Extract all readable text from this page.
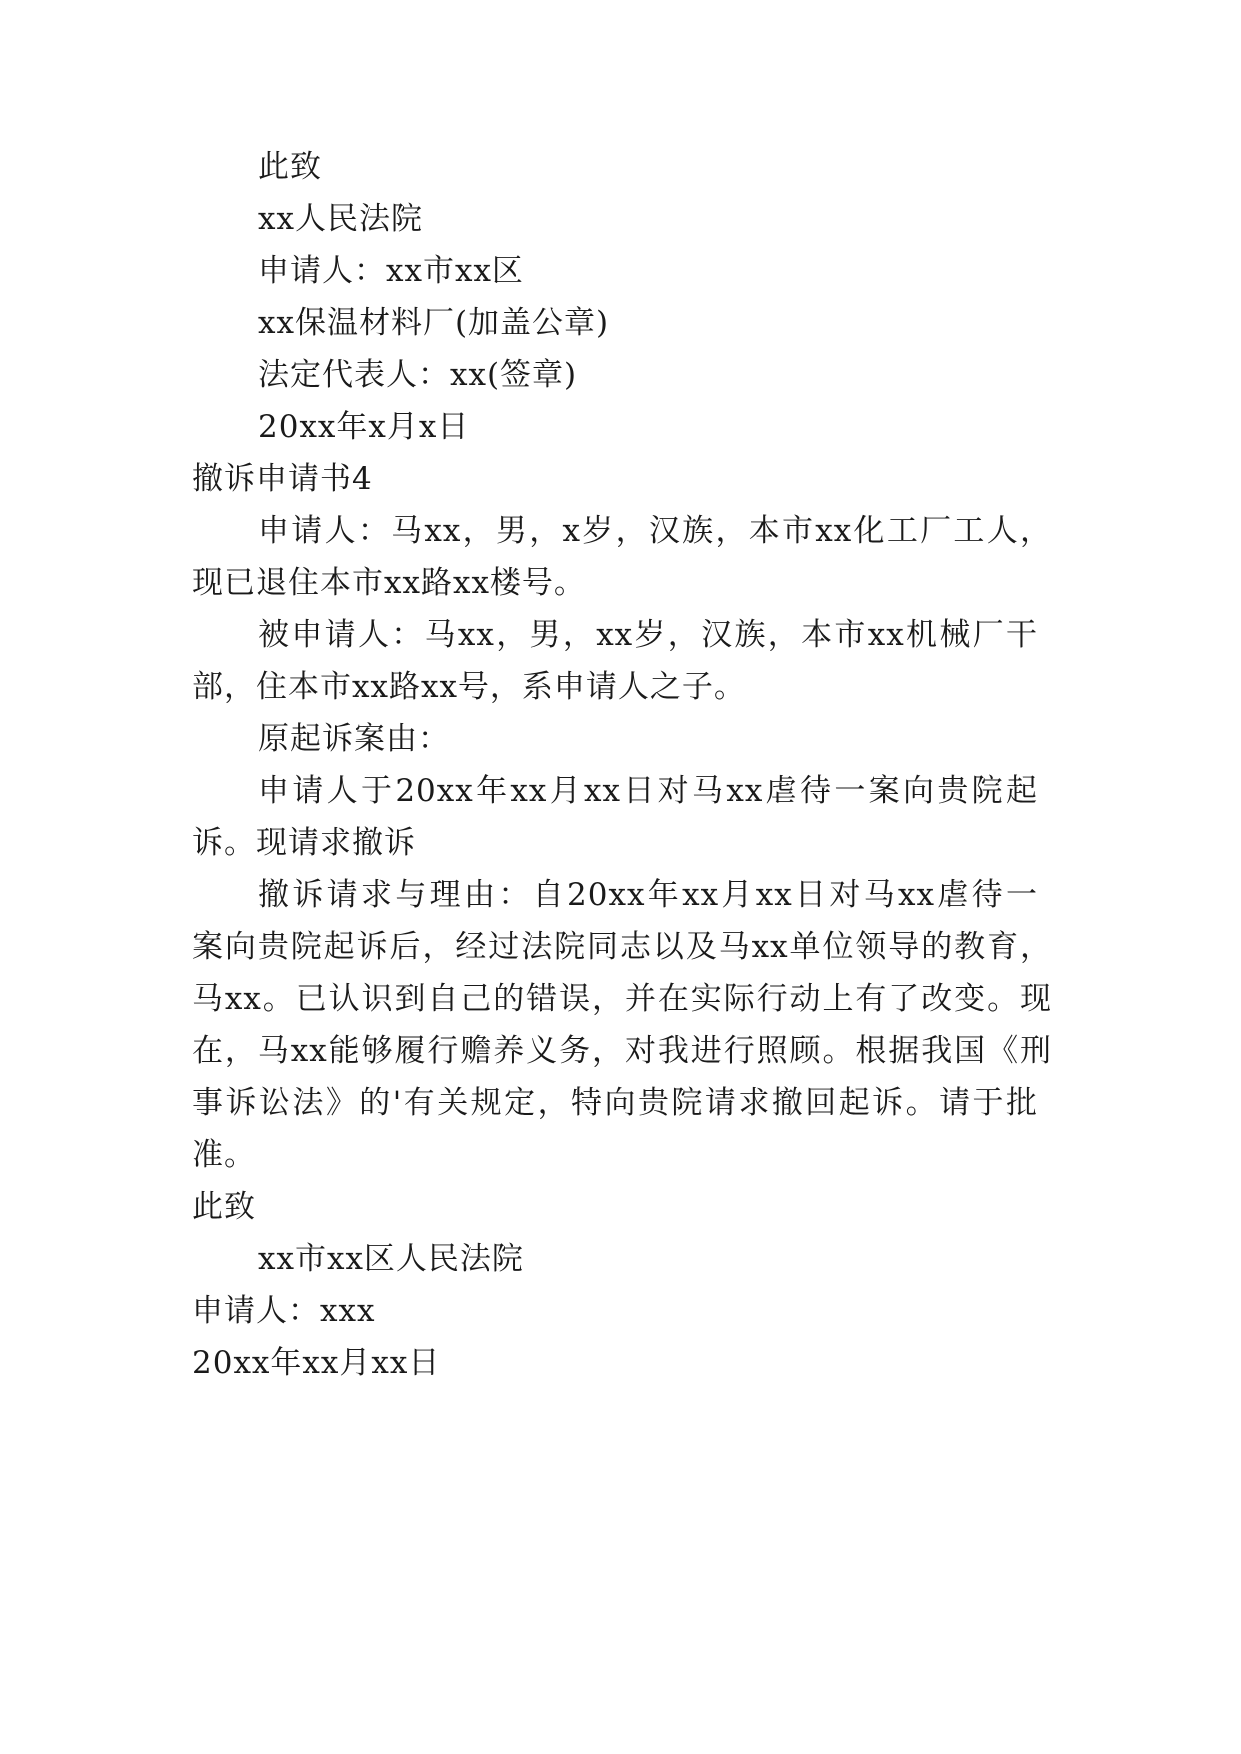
此致
xx人民法院
申请人：xx市xx区
xx保温材料厂(加盖公章)
法定代表人：xx(签章)
20xx年x月x日
撤诉申请书4
申请人：马xx，男，x岁，汉族，本市xx化工厂工人，
现已退住本市xx路xx楼号。
被申请人：马xx，男，xx岁，汉族，本市xx机械厂干
部，住本市xx路xx号，系申请人之子。
原起诉案由：
申请人于20xx年xx月xx日对马xx虐待一案向贵院起
诉。现请求撤诉
撤诉请求与理由：自20xx年xx月xx日对马xx虐待一
案向贵院起诉后，经过法院同志以及马xx单位领导的教育，
马xx。已认识到自己的错误，并在实际行动上有了改变。现
在，马xx能够履行赡养义务，对我进行照顾。根据我国《刑
事诉讼法》的'有关规定，特向贵院请求撤回起诉。请于批
准。
此致
xx市xx区人民法院
申请人：xxx
20xx年xx月xx日
